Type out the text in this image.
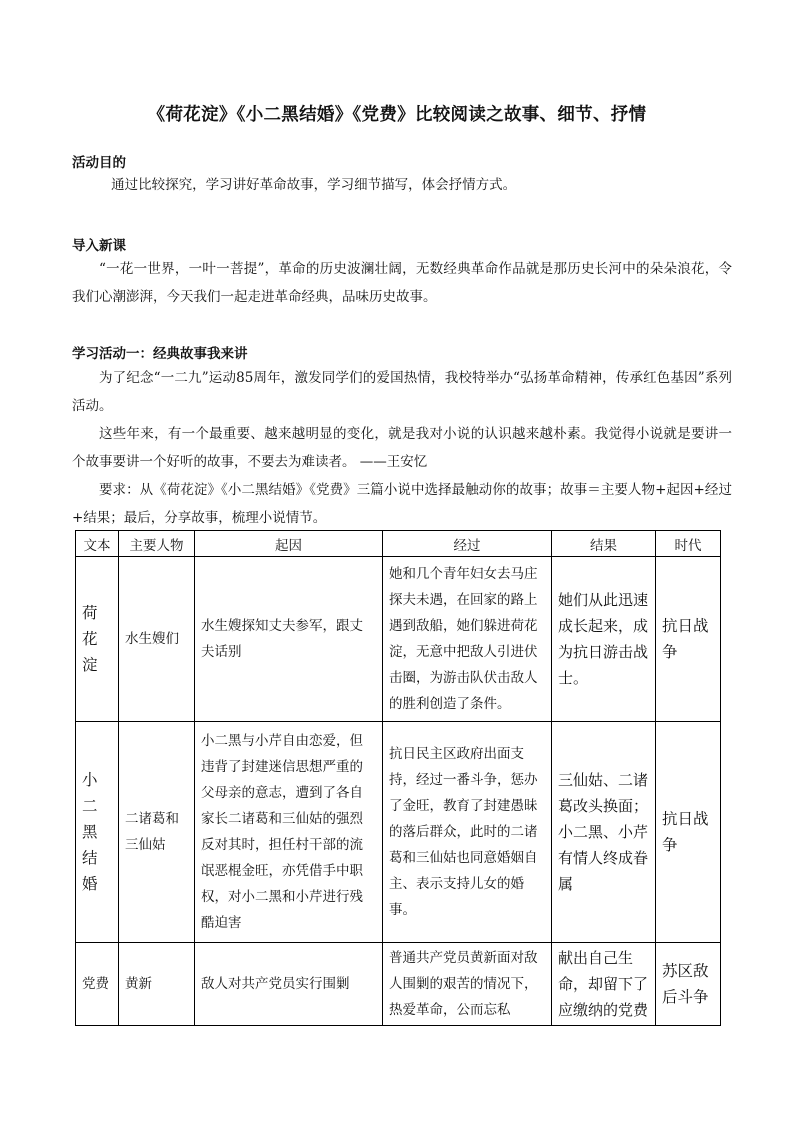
《荷花淀》《小二黑结婚》《党费》比较阅读之故事、细节、抒情
活动目的
通过比较探究，学习讲好革命故事，学习细节描写，体会抒情方式。
导入新课
“一花一世界，一叶一菩提”，革命的历史波澜壮阔，无数经典革命作品就是那历史长河中的朵朵浪花，令我们心潮澎湃，今天我们一起走进革命经典，品味历史故事。
学习活动一：经典故事我来讲
为了纪念“一二九”运动85周年，激发同学们的爱国热情，我校特举办“弘扬革命精神，传承红色基因”系列活动。
这些年来，有一个最重要、越来越明显的变化，就是我对小说的认识越来越朴素。我觉得小说就是要讲一个故事要讲一个好听的故事，不要去为难读者。 ——王安忆
要求：从《荷花淀》《小二黑结婚》《党费》三篇小说中选择最触动你的故事；故事＝主要人物+起因+经过+结果；最后，分享故事，梳理小说情节。
文本	主要人物	起因	经过	结果	时代
荷花淀	水生嫂们	水生嫂探知丈夫参军，跟丈夫话别	她和几个青年妇女去马庄探夫未遇，在回家的路上遇到敌船，她们躲进荷花淀，无意中把敌人引进伏击圈，为游击队伏击敌人的胜利创造了条件。	她们从此迅速成长起来，成为抗日游击战士。	抗日战争
小二黑结婚	二诸葛和三仙姑	小二黑与小芹自由恋爱，但违背了封建迷信思想严重的父母亲的意志，遭到了各自家长二诸葛和三仙姑的强烈反对其时，担任村干部的流氓恶棍金旺，亦凭借手中职权，对小二黑和小芹进行残酷迫害	抗日民主区政府出面支持，经过一番斗争，惩办了金旺，教育了封建愚昧的落后群众，此时的二诸葛和三仙姑也同意婚姻自主、表示支持儿女的婚事。	三仙姑、二诸葛改头换面；小二黑、小芹有情人终成眷属	抗日战争
党费	黄新	敌人对共产党员实行围剿	普通共产党员黄新面对敌人围剿的艰苦的情况下，热爱革命，公而忘私	献出自己生命，却留下了应缴纳的党费	苏区敌后斗争
